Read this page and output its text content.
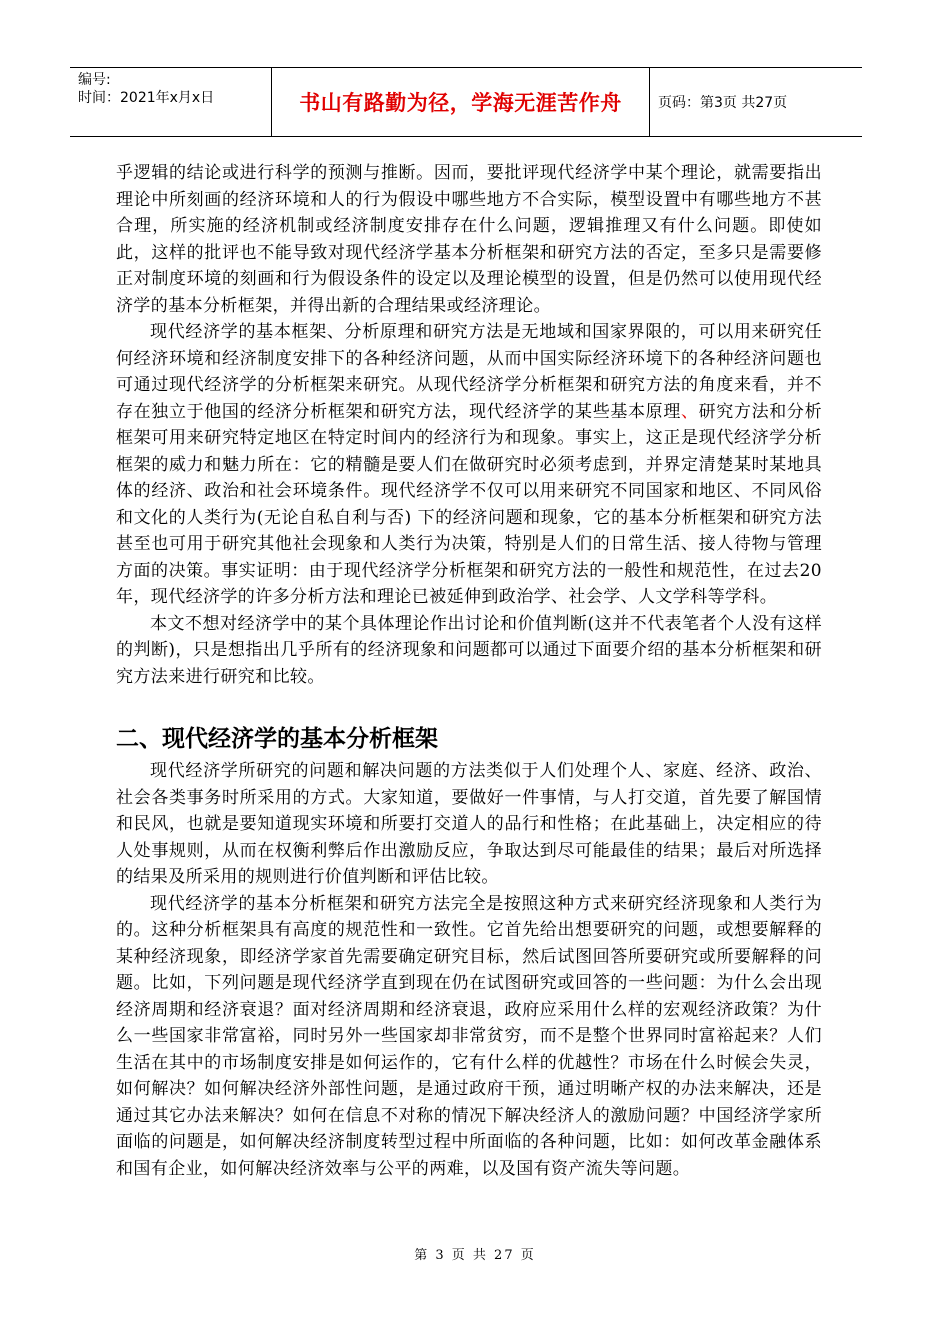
编号:
时间：2021年x月x日	书山有路勤为径，学海无涯苦作舟	页码：第3页 共27页

乎逻辑的结论或进行科学的预测与推断。因而，要批评现代经济学中某个理论，就需要指出理论中所刻画的经济环境和人的行为假设中哪些地方不合实际，模型设置中有哪些地方不甚合理，所实施的经济机制或经济制度安排存在什么问题，逻辑推理又有什么问题。即使如此，这样的批评也不能导致对现代经济学基本分析框架和研究方法的否定，至多只是需要修正对制度环境的刻画和行为假设条件的设定以及理论模型的设置，但是仍然可以使用现代经济学的基本分析框架，并得出新的合理结果或经济理论。

现代经济学的基本框架、分析原理和研究方法是无地域和国家界限的，可以用来研究任何经济环境和经济制度安排下的各种经济问题，从而中国实际经济环境下的各种经济问题也可通过现代经济学的分析框架来研究。从现代经济学分析框架和研究方法的角度来看，并不存在独立于他国的经济分析框架和研究方法，现代经济学的某些基本原理、研究方法和分析框架可用来研究特定地区在特定时间内的经济行为和现象。事实上，这正是现代经济学分析框架的威力和魅力所在：它的精髓是要人们在做研究时必须考虑到，并界定清楚某时某地具体的经济、政治和社会环境条件。现代经济学不仅可以用来研究不同国家和地区、不同风俗和文化的人类行为(无论自私自利与否) 下的经济问题和现象，它的基本分析框架和研究方法甚至也可用于研究其他社会现象和人类行为决策，特别是人们的日常生活、接人待物与管理方面的决策。事实证明：由于现代经济学分析框架和研究方法的一般性和规范性，在过去20年，现代经济学的许多分析方法和理论已被延伸到政治学、社会学、人文学科等学科。

本文不想对经济学中的某个具体理论作出讨论和价值判断(这并不代表笔者个人没有这样的判断)，只是想指出几乎所有的经济现象和问题都可以通过下面要介绍的基本分析框架和研究方法来进行研究和比较。

二、现代经济学的基本分析框架

现代经济学所研究的问题和解决问题的方法类似于人们处理个人、家庭、经济、政治、社会各类事务时所采用的方式。大家知道，要做好一件事情，与人打交道，首先要了解国情和民风，也就是要知道现实环境和所要打交道人的品行和性格；在此基础上，决定相应的待人处事规则，从而在权衡利弊后作出激励反应，争取达到尽可能最佳的结果；最后对所选择的结果及所采用的规则进行价值判断和评估比较。

现代经济学的基本分析框架和研究方法完全是按照这种方式来研究经济现象和人类行为的。这种分析框架具有高度的规范性和一致性。它首先给出想要研究的问题，或想要解释的某种经济现象，即经济学家首先需要确定研究目标，然后试图回答所要研究或所要解释的问题。比如，下列问题是现代经济学直到现在仍在试图研究或回答的一些问题：为什么会出现经济周期和经济衰退？面对经济周期和经济衰退，政府应采用什么样的宏观经济政策？为什么一些国家非常富裕，同时另外一些国家却非常贫穷，而不是整个世界同时富裕起来？人们生活在其中的市场制度安排是如何运作的，它有什么样的优越性？市场在什么时候会失灵，如何解决？如何解决经济外部性问题，是通过政府干预，通过明晰产权的办法来解决，还是通过其它办法来解决？如何在信息不对称的情况下解决经济人的激励问题？中国经济学家所面临的问题是，如何解决经济制度转型过程中所面临的各种问题，比如：如何改革金融体系和国有企业，如何解决经济效率与公平的两难，以及国有资产流失等问题。

第 3 页 共 27 页
